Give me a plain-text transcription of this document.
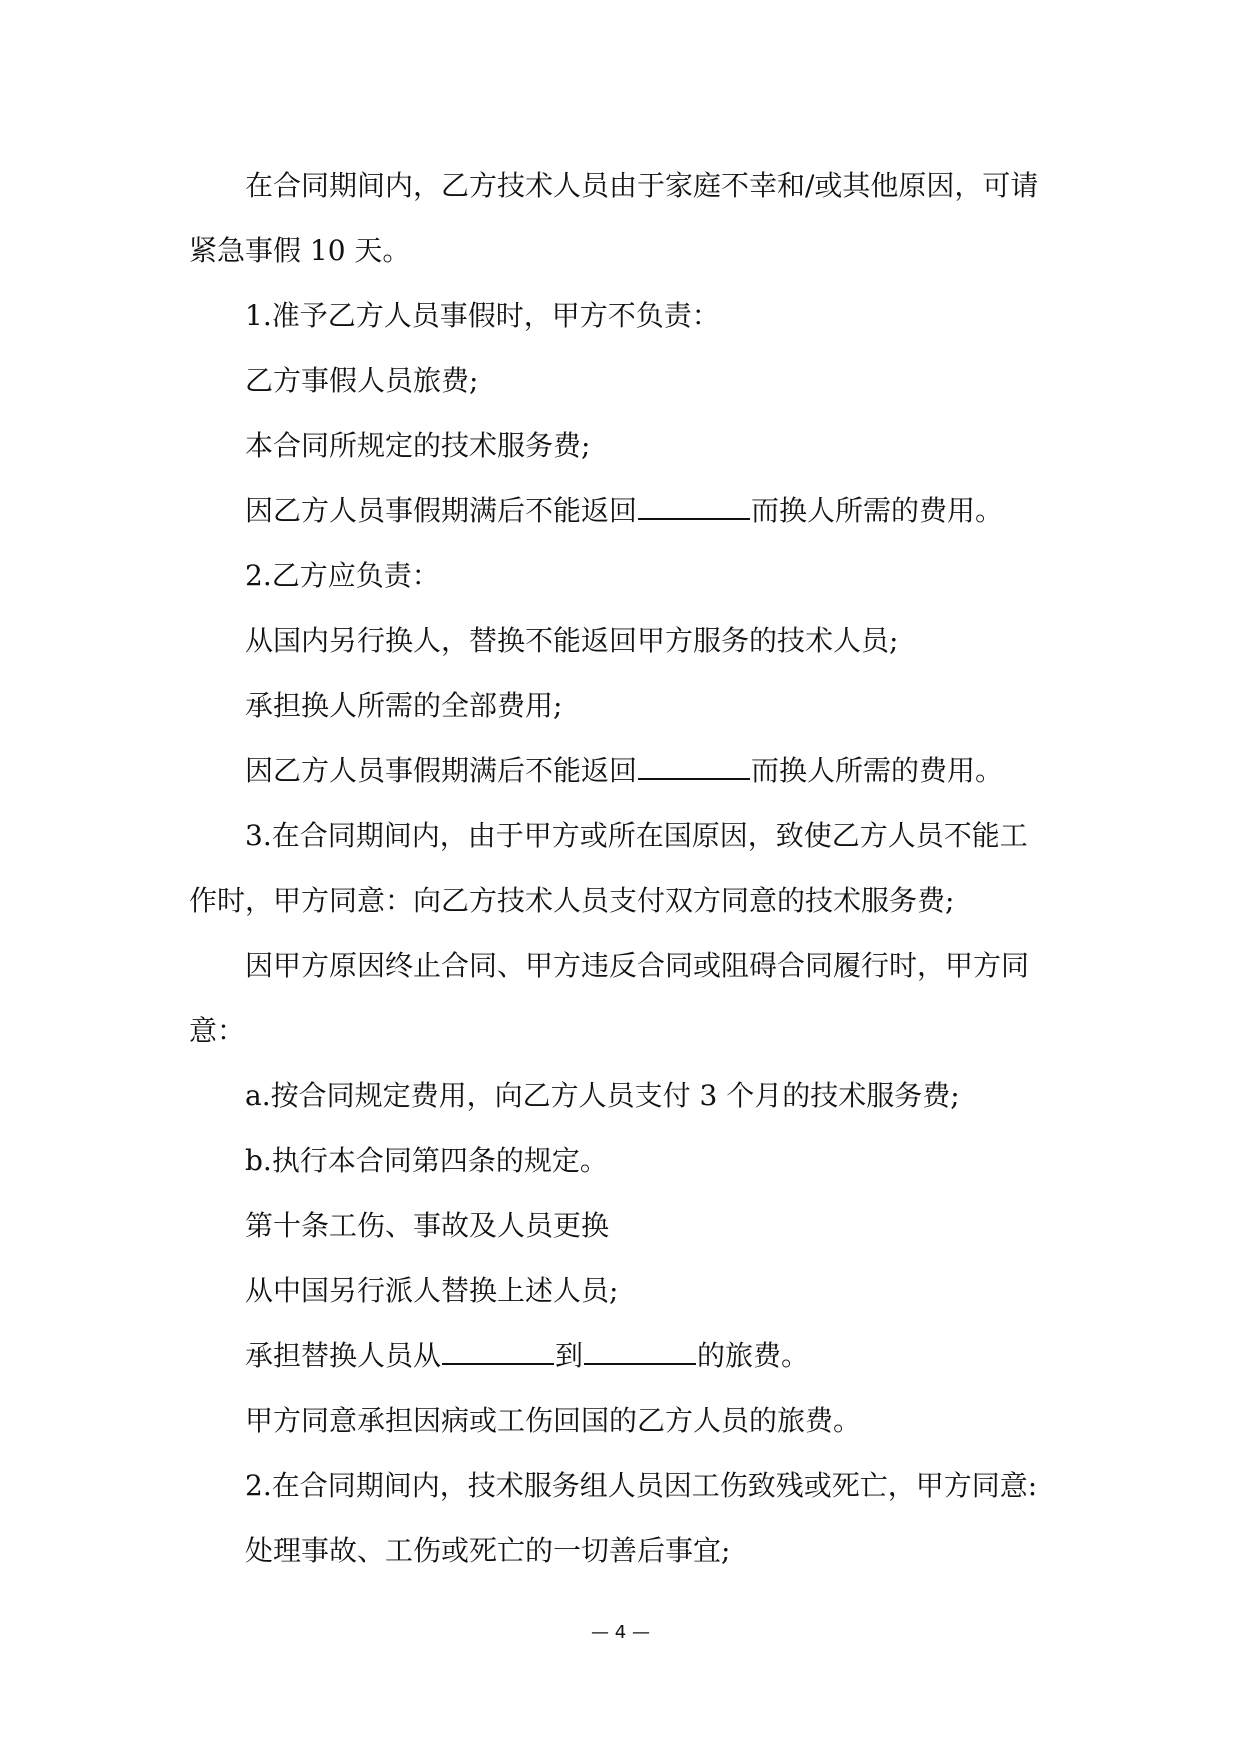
在合同期间内，乙方技术人员由于家庭不幸和/或其他原因，可请紧急事假 10 天。

1.准予乙方人员事假时，甲方不负责：

乙方事假人员旅费;

本合同所规定的技术服务费;

因乙方人员事假期满后不能返回	而换人所需的费用。

2.乙方应负责：

从国内另行换人，替换不能返回甲方服务的技术人员;

承担换人所需的全部费用;

因乙方人员事假期满后不能返回	而换人所需的费用。

3.在合同期间内，由于甲方或所在国原因，致使乙方人员不能工作时，甲方同意：向乙方技术人员支付双方同意的技术服务费;

因甲方原因终止合同、甲方违反合同或阻碍合同履行时，甲方同意：

a.按合同规定费用，向乙方人员支付 3 个月的技术服务费;

b.执行本合同第四条的规定。

第十条工伤、事故及人员更换

从中国另行派人替换上述人员;

承担替换人员从	到	的旅费。

甲方同意承担因病或工伤回国的乙方人员的旅费。

2.在合同期间内，技术服务组人员因工伤致残或死亡，甲方同意:

处理事故、工伤或死亡的一切善后事宜;

— 4 —
